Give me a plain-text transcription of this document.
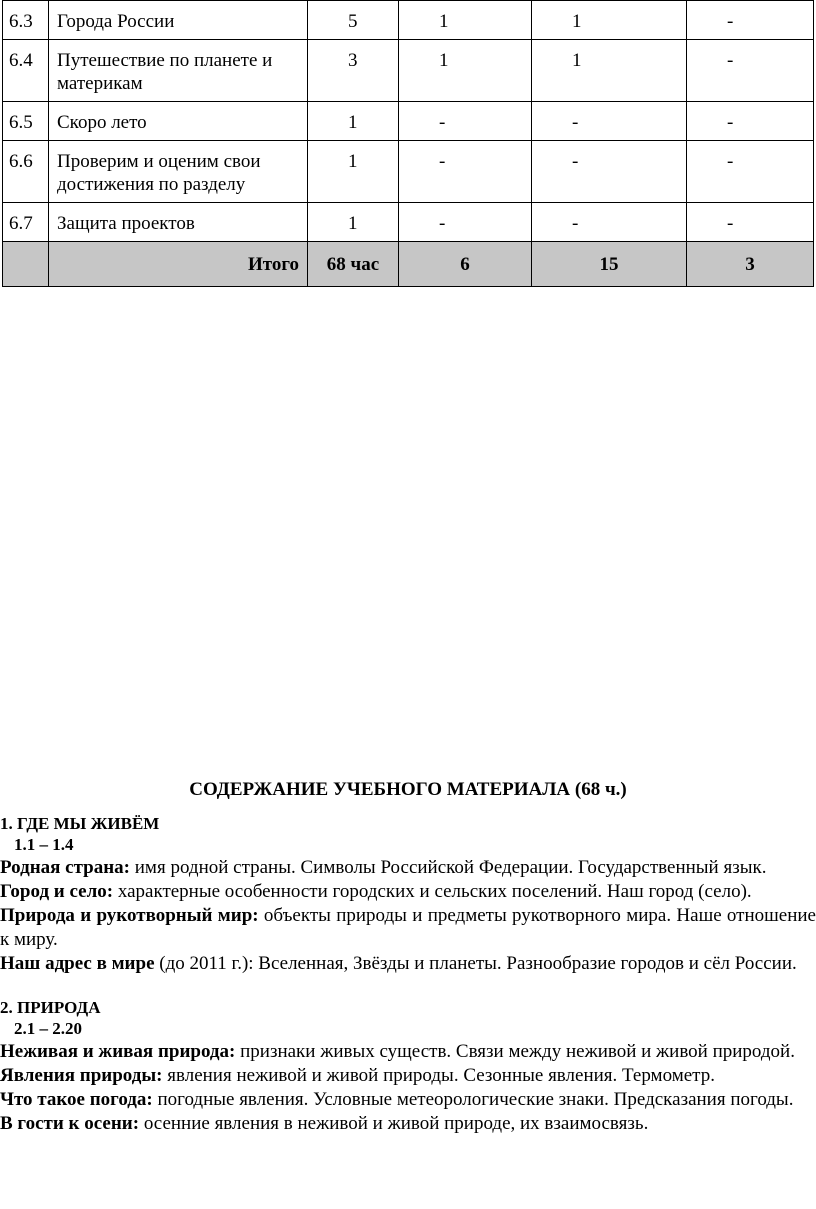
6.3	Города России	5	1	1	-
6.4	Путешествие по планете и материкам	3	1	1	-
6.5	Скоро лето	1	-	-	-
6.6	Проверим и оценим свои достижения по разделу	1	-	-	-
6.7	Защита проектов	1	-	-	-
	Итого	68 час	6	15	3
СОДЕРЖАНИЕ УЧЕБНОГО МАТЕРИАЛА (68 ч.)
1. ГДЕ МЫ ЖИВЁМ
1.1 – 1.4

Родная страна: имя родной страны. Символы Российской Федерации. Государственный язык.

Город и село: характерные особенности городских и сельских поселений. Наш город (село).

Природа и рукотворный мир: объекты природы и предметы рукотворного мира. Наше отношение к миру.

Наш адрес в мире (до 2011 г.): Вселенная, Звёзды и планеты. Разнообразие городов и сёл России.

2. ПРИРОДА
2.1 – 2.20

Неживая и живая природа: признаки живых существ. Связи между неживой и живой природой.

Явления природы: явления неживой и живой природы. Сезонные явления. Термометр.

Что такое погода: погодные явления. Условные метеорологические знаки. Предсказания погоды.

В гости к осени: осенние явления в неживой и живой природе, их взаимосвязь.
